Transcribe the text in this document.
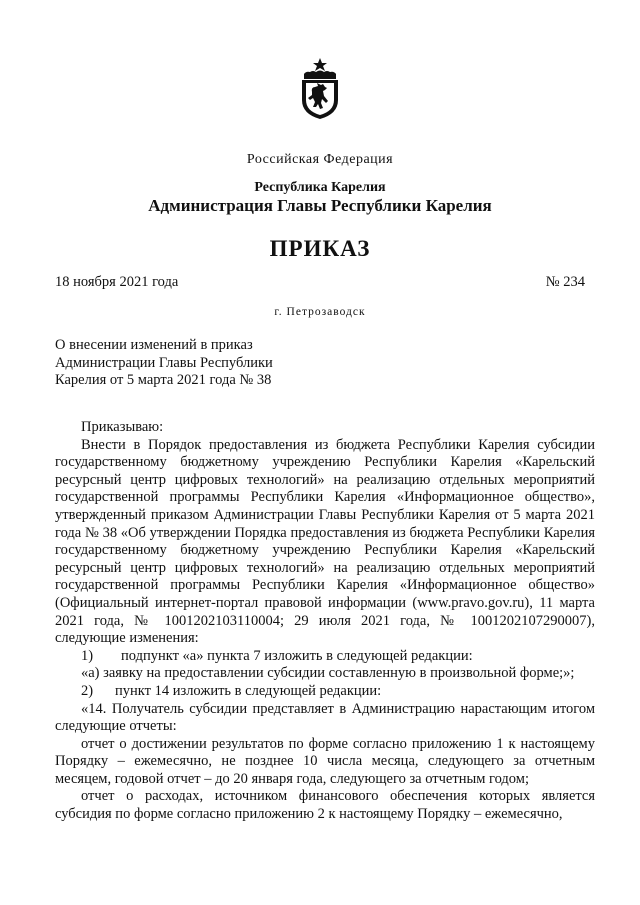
Российская Федерация
Республика Карелия
Администрация Главы Республики Карелия
ПРИКАЗ
18 ноября 2021 года	№ 234
г. Петрозаводск
О внесении изменений в приказ
Администрации Главы Республики
Карелия от 5 марта 2021 года № 38

Приказываю:

Внести в Порядок предоставления из бюджета Республики Карелия субсидии государственному бюджетному учреждению Республики Карелия «Карельский ресурсный центр цифровых технологий» на реализацию отдельных мероприятий государственной программы Республики Карелия «Информационное общество», утвержденный приказом Администрации Главы Республики Карелия от 5 марта 2021 года № 38 «Об утверждении Порядка предоставления из бюджета Республики Карелия государственному бюджетному учреждению Республики Карелия «Карельский ресурсный центр цифровых технологий» на реализацию отдельных мероприятий государственной программы Республики Карелия «Информационное общество» (Официальный интернет-портал правовой информации (www.pravo.gov.ru), 11 марта 2021 года, № 1001202103110004; 29 июля 2021 года, № 1001202107290007), следующие изменения:

1) подпункт «а» пункта 7 изложить в следующей редакции:

«а) заявку на предоставлении субсидии составленную в произвольной форме;»;

2) пункт 14 изложить в следующей редакции:

«14. Получатель субсидии представляет в Администрацию нарастающим итогом следующие отчеты:

отчет о достижении результатов по форме согласно приложению 1 к настоящему Порядку – ежемесячно, не позднее 10 числа месяца, следующего за отчетным месяцем, годовой отчет – до 20 января года, следующего за отчетным годом;

отчет о расходах, источником финансового обеспечения которых является субсидия по форме согласно приложению 2 к настоящему Порядку – ежемесячно,
